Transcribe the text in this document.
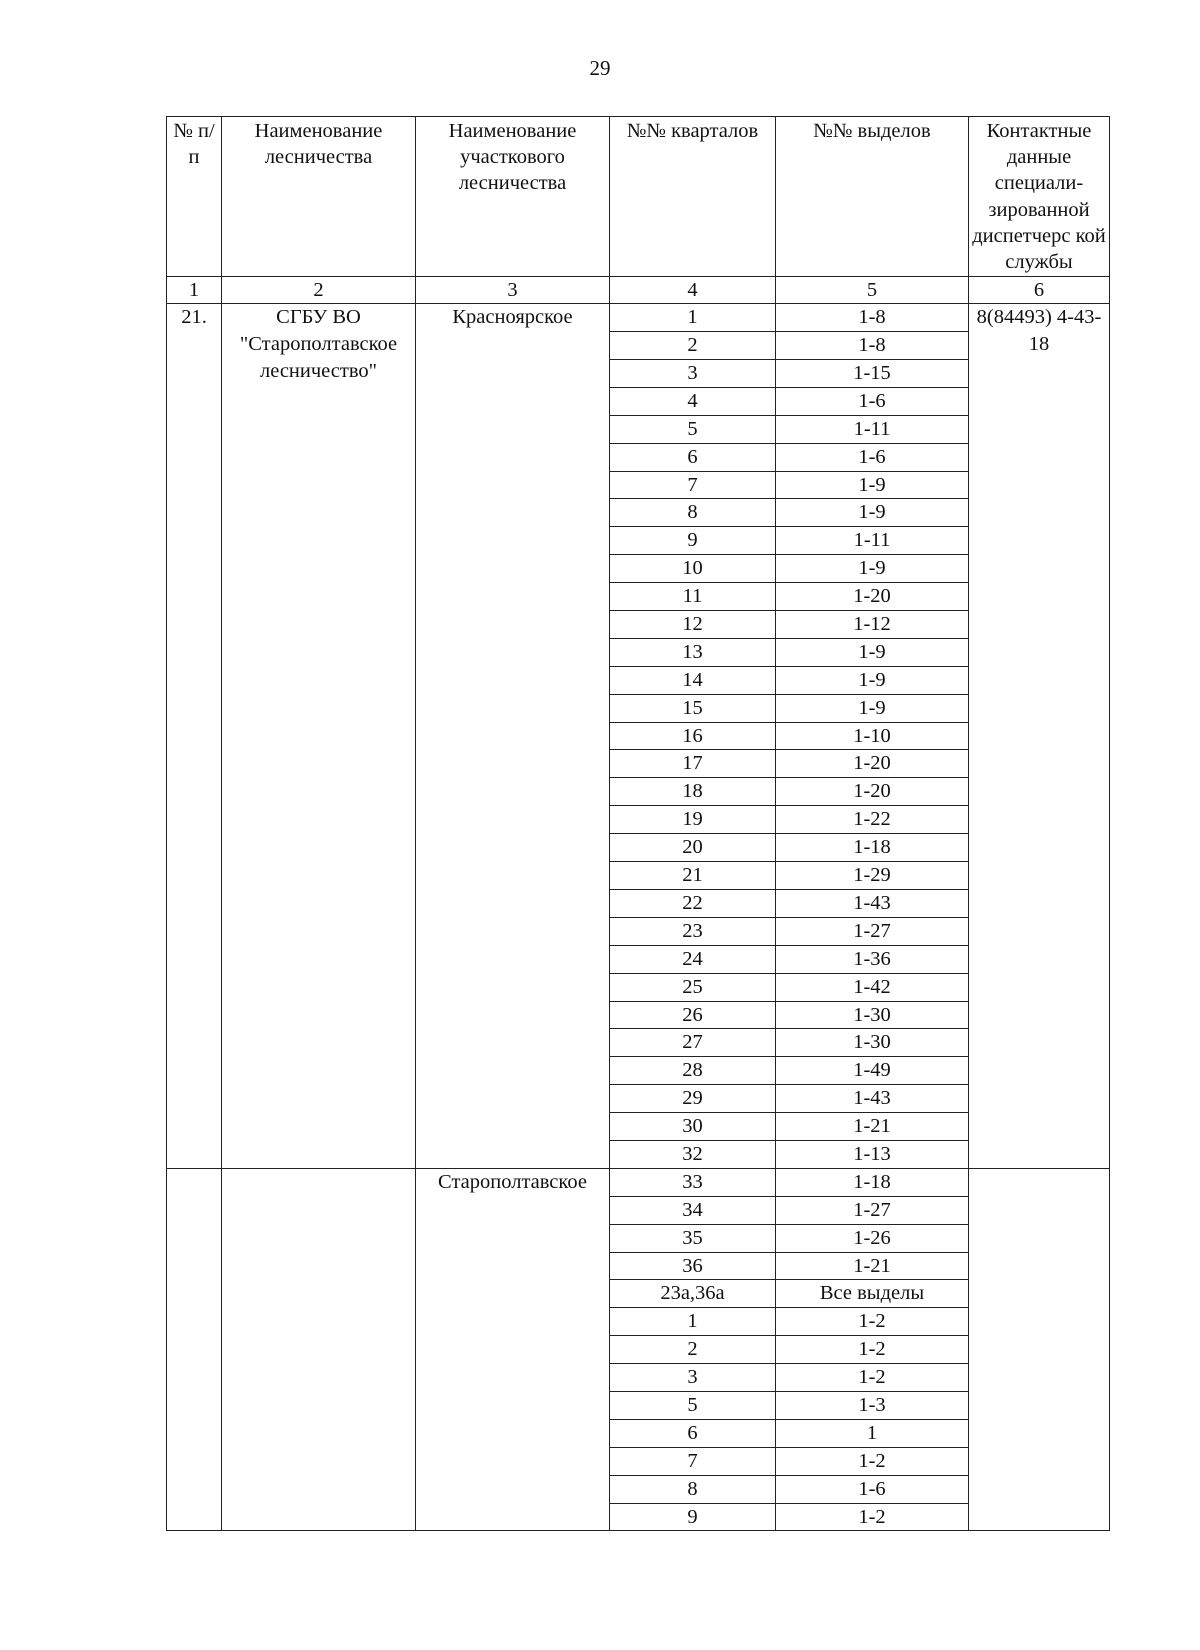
29
№ п/п	Наименование лесничества	Наименование участкового лесничества	№№ кварталов	№№ выделов	Контактные данные специали-зированной диспетчерс кой службы
1	2	3	4	5	6
21.	СГБУ ВО "Старополтавское лесничество"	Красноярское	1	1-8	8(84493) 4-43-18
			2	1-8	
			3	1-15	
			4	1-6	
			5	1-11	
			6	1-6	
			7	1-9	
			8	1-9	
			9	1-11	
			10	1-9	
			11	1-20	
			12	1-12	
			13	1-9	
			14	1-9	
			15	1-9	
			16	1-10	
			17	1-20	
			18	1-20	
			19	1-22	
			20	1-18	
			21	1-29	
			22	1-43	
			23	1-27	
			24	1-36	
			25	1-42	
			26	1-30	
			27	1-30	
			28	1-49	
			29	1-43	
			30	1-21	
			32	1-13	
		Старополтавское	33	1-18	
			34	1-27	
			35	1-26	
			36	1-21	
			23а,36а	Все выделы	
			1	1-2	
			2	1-2	
			3	1-2	
			5	1-3	
			6	1	
			7	1-2	
			8	1-6	
			9	1-2	
